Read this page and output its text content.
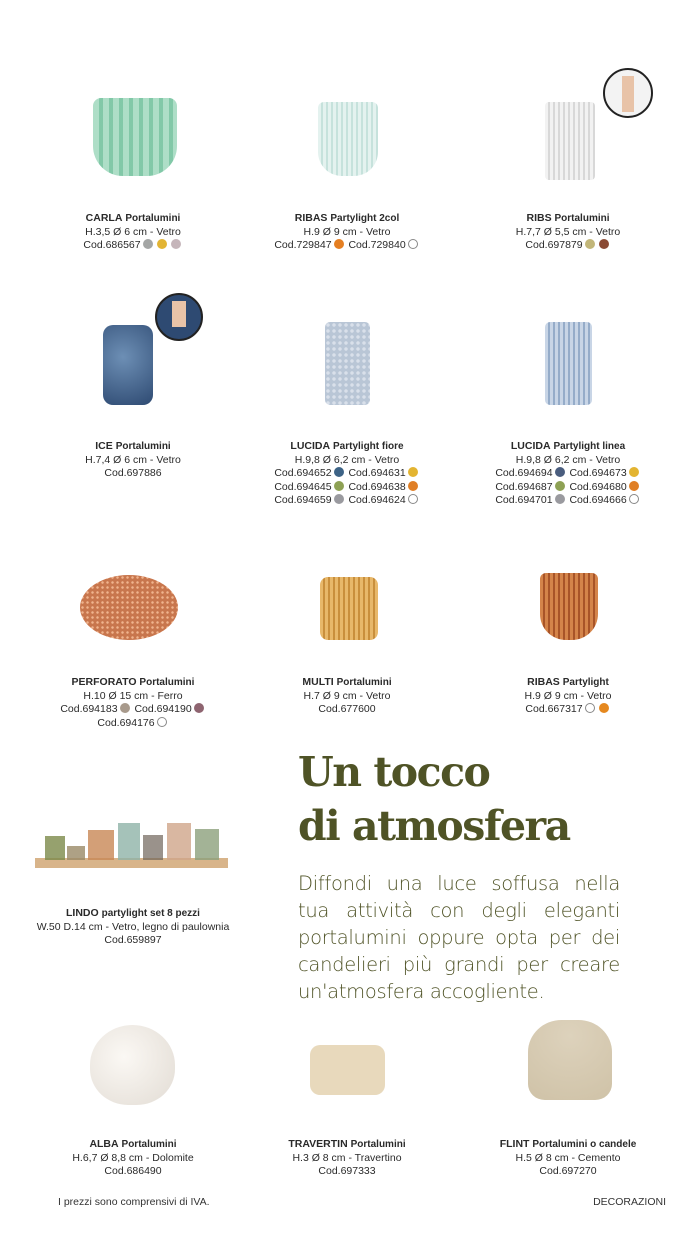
CARLA Portalumini
H.3,5 Ø 6 cm - Vetro
Cod.686567
RIBAS Partylight 2col
H.9 Ø 9 cm - Vetro
Cod.729847 Cod.729840
RIBS Portalumini
H.7,7 Ø 5,5 cm - Vetro
Cod.697879
ICE Portalumini
H.7,4 Ø 6 cm - Vetro
Cod.697886
LUCIDA Partylight fiore
H.9,8 Ø 6,2 cm - Vetro
Cod.694652 Cod.694631
Cod.694645 Cod.694638
Cod.694659 Cod.694624
LUCIDA Partylight linea
H.9,8 Ø 6,2 cm - Vetro
Cod.694694 Cod.694673
Cod.694687 Cod.694680
Cod.694701 Cod.694666
PERFORATO Portalumini
H.10 Ø 15 cm - Ferro
Cod.694183 Cod.694190
Cod.694176
MULTI Portalumini
H.7 Ø 9 cm - Vetro
Cod.677600
RIBAS Partylight
H.9 Ø 9 cm - Vetro
Cod.667317
LINDO partylight set 8 pezzi
W.50 D.14 cm - Vetro, legno di paulownia
Cod.659897
ALBA Portalumini
H.6,7 Ø 8,8 cm - Dolomite
Cod.686490
TRAVERTIN Portalumini
H.3 Ø 8 cm - Travertino
Cod.697333
FLINT Portalumini o candele
H.5 Ø 8 cm - Cemento
Cod.697270
Un tocco
di atmosfera

Diffondi una luce soffusa nella tua attività con degli eleganti portalumini oppure opta per dei candelieri più grandi per creare un'atmosfera accogliente.

I prezzi sono comprensivi di IVA.	DECORAZIONI
